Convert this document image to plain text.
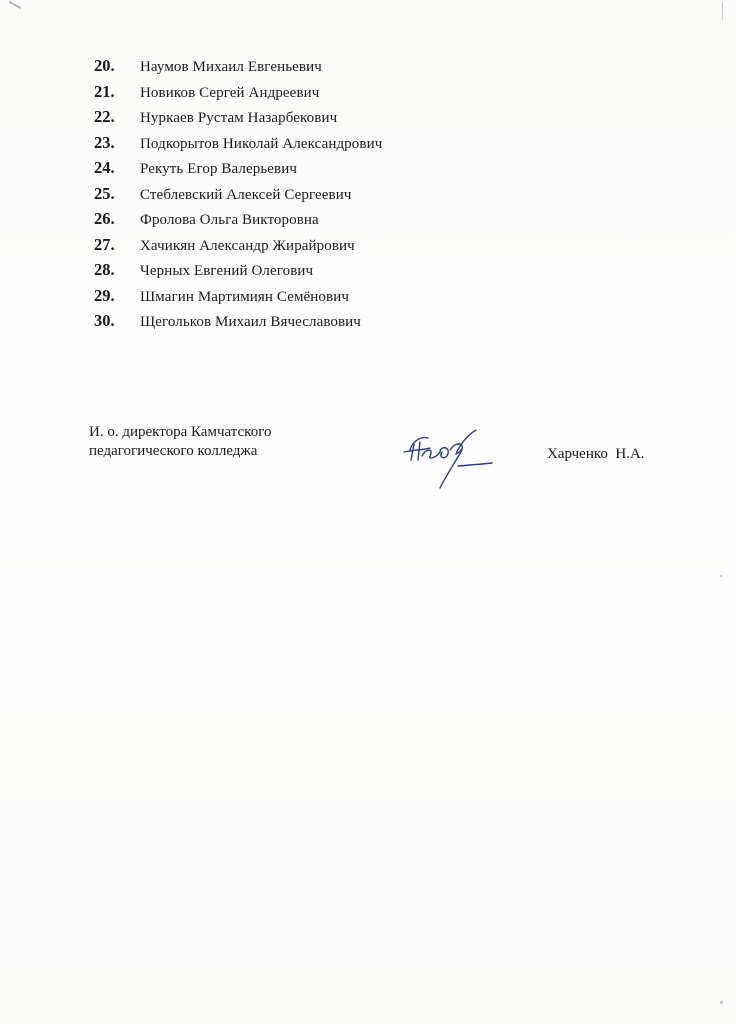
20.	Наумов Михаил Евгеньевич
21.	Новиков Сергей Андреевич
22.	Нуркаев Рустам Назарбекович
23.	Подкорытов Николай Александрович
24.	Рекуть Егор Валерьевич
25.	Стеблевский Алексей Сергеевич
26.	Фролова Ольга Викторовна
27.	Хачикян Александр Жирайрович
28.	Черных Евгений Олегович
29.	Шмагин Мартимиян Семёнович
30.	Щегольков Михаил Вячеславович

И. о. директора Камчатского
педагогического колледжа	Харченко  Н.А.
